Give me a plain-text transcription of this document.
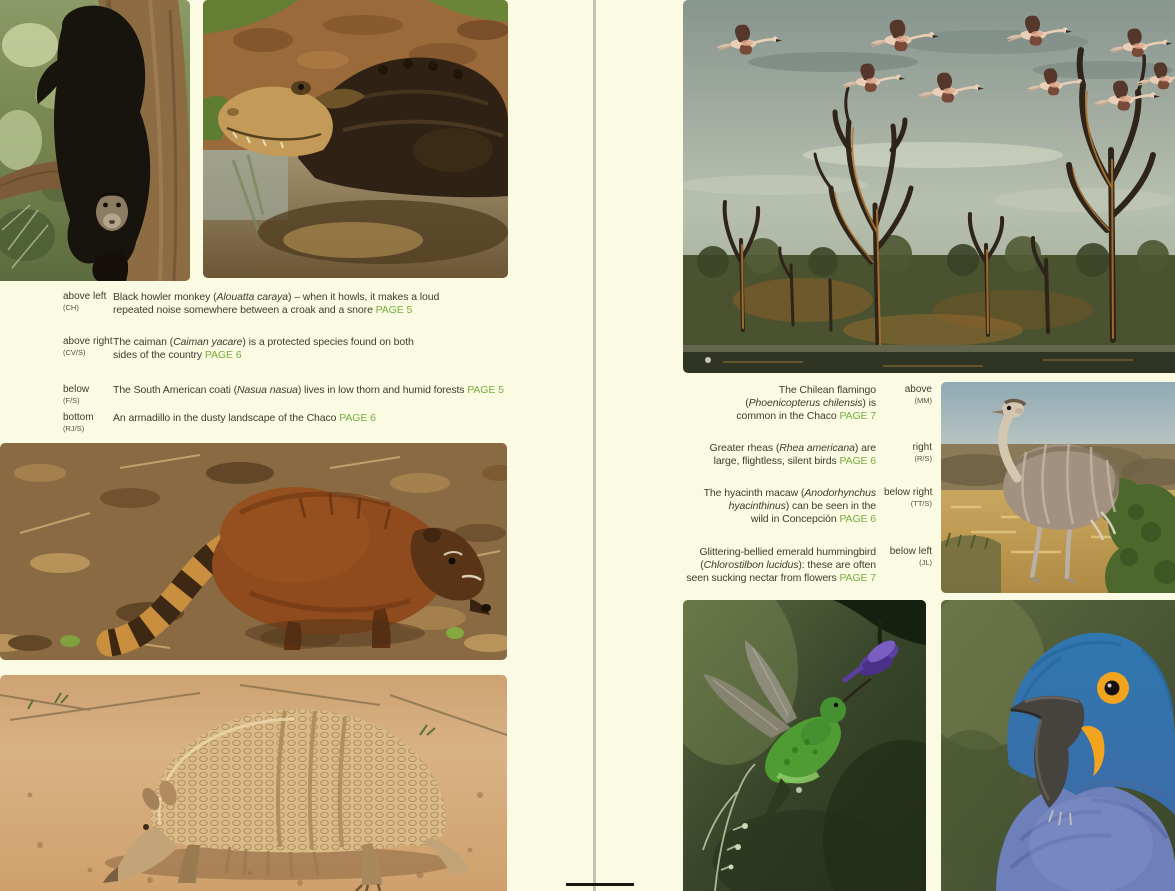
above left
(CH)
Black howler monkey (Alouatta caraya) – when it howls, it makes a loud
repeated noise somewhere between a croak and a snore PAGE 5
above right
(CV/S)
The caiman (Caiman yacare) is a protected species found on both
sides of the country PAGE 6
below
(F/S)
The South American coati (Nasua nasua) lives in low thorn and humid forests PAGE 5
bottom
(RJ/S)
An armadillo in the dusty landscape of the Chaco PAGE 6
The Chilean flamingo
(Phoenicopterus chilensis) is
common in the Chaco PAGE 7
above
(MM)
Greater rheas (Rhea americana) are
large, flightless, silent birds PAGE 6
right
(R/S)
The hyacinth macaw (Anodorhynchus
hyacinthinus) can be seen in the
wild in Concepción PAGE 6
below right
(TT/S)
Glittering-bellied emerald hummingbird
(Chlorostilbon lucidus): these are often
seen sucking nectar from flowers PAGE 7
below left
(JL)
